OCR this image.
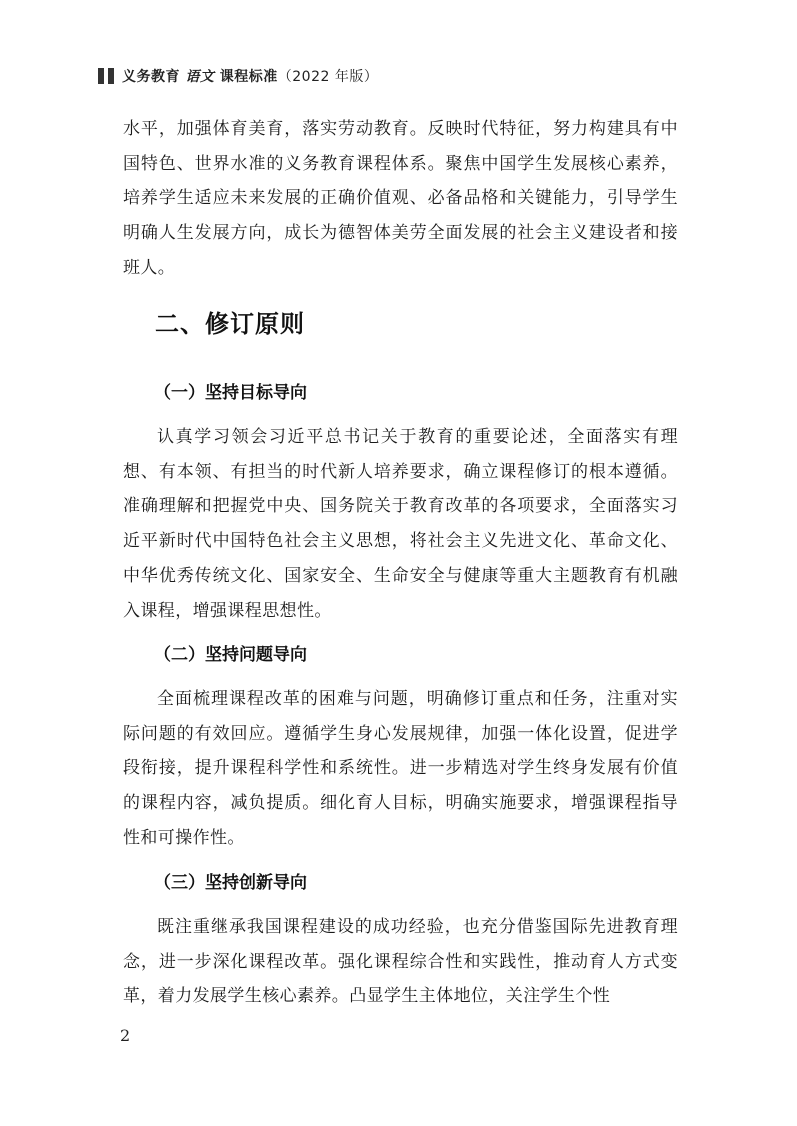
义务教育 语文 课程标准（2022 年版）

水平，加强体育美育，落实劳动教育。反映时代特征，努力构建具有中国特色、世界水准的义务教育课程体系。聚焦中国学生发展核心素养，培养学生适应未来发展的正确价值观、必备品格和关键能力，引导学生明确人生发展方向，成长为德智体美劳全面发展的社会主义建设者和接班人。

二、修订原则
（一）坚持目标导向

认真学习领会习近平总书记关于教育的重要论述，全面落实有理想、有本领、有担当的时代新人培养要求，确立课程修订的根本遵循。准确理解和把握党中央、国务院关于教育改革的各项要求，全面落实习近平新时代中国特色社会主义思想，将社会主义先进文化、革命文化、中华优秀传统文化、国家安全、生命安全与健康等重大主题教育有机融入课程，增强课程思想性。

（二）坚持问题导向

全面梳理课程改革的困难与问题，明确修订重点和任务，注重对实际问题的有效回应。遵循学生身心发展规律，加强一体化设置，促进学段衔接，提升课程科学性和系统性。进一步精选对学生终身发展有价值的课程内容，减负提质。细化育人目标，明确实施要求，增强课程指导性和可操作性。

（三）坚持创新导向

既注重继承我国课程建设的成功经验，也充分借鉴国际先进教育理念，进一步深化课程改革。强化课程综合性和实践性，推动育人方式变革，着力发展学生核心素养。凸显学生主体地位，关注学生个性

2
